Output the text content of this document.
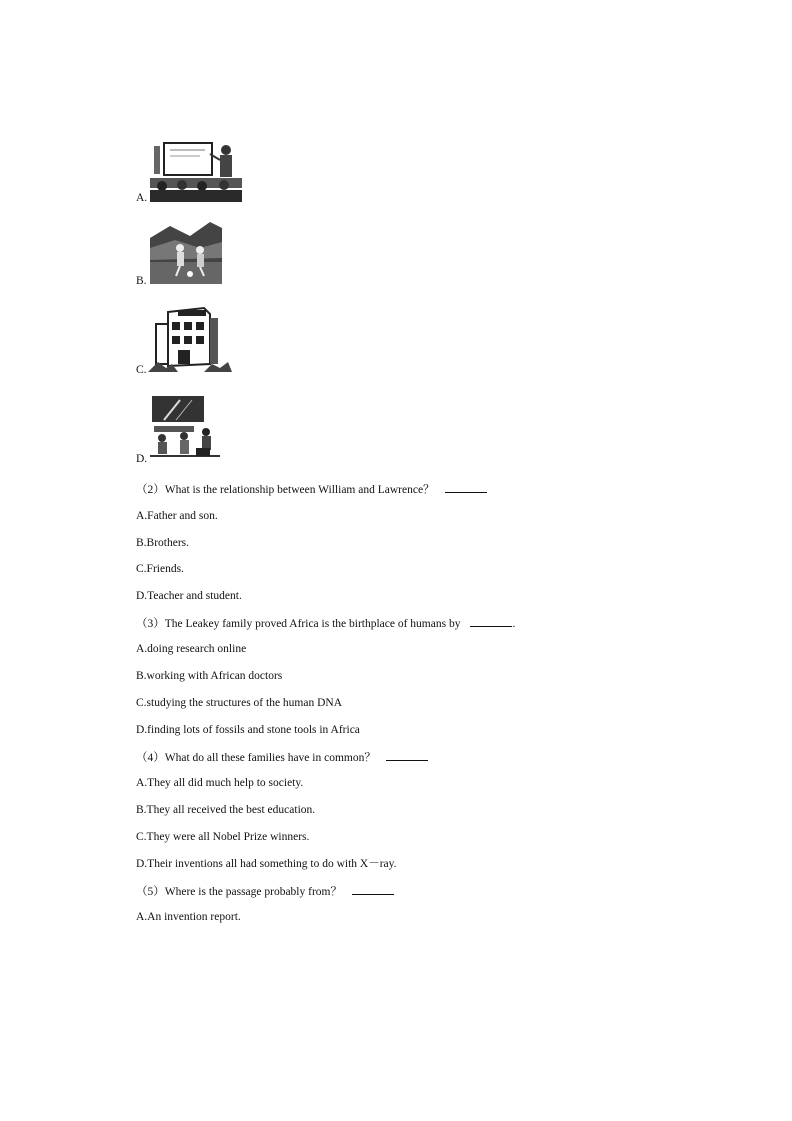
A.
B.
C.
D.
（2）What is the relationship between William and Lawrence？
A.Father and son.
B.Brothers.
C.Friends.
D.Teacher and student.
（3）The Leakey family proved Africa is the birthplace of humans by	.
A.doing research online
B.working with African doctors
C.studying the structures of the human DNA
D.finding lots of fossils and stone tools in Africa
（4）What do all these families have in common？
A.They all did much help to society.
B.They all received the best education.
C.They were all Nobel Prize winners.
D.Their inventions all had something to do with X－ray.
（5）Where is the passage probably from？
A.An invention report.
